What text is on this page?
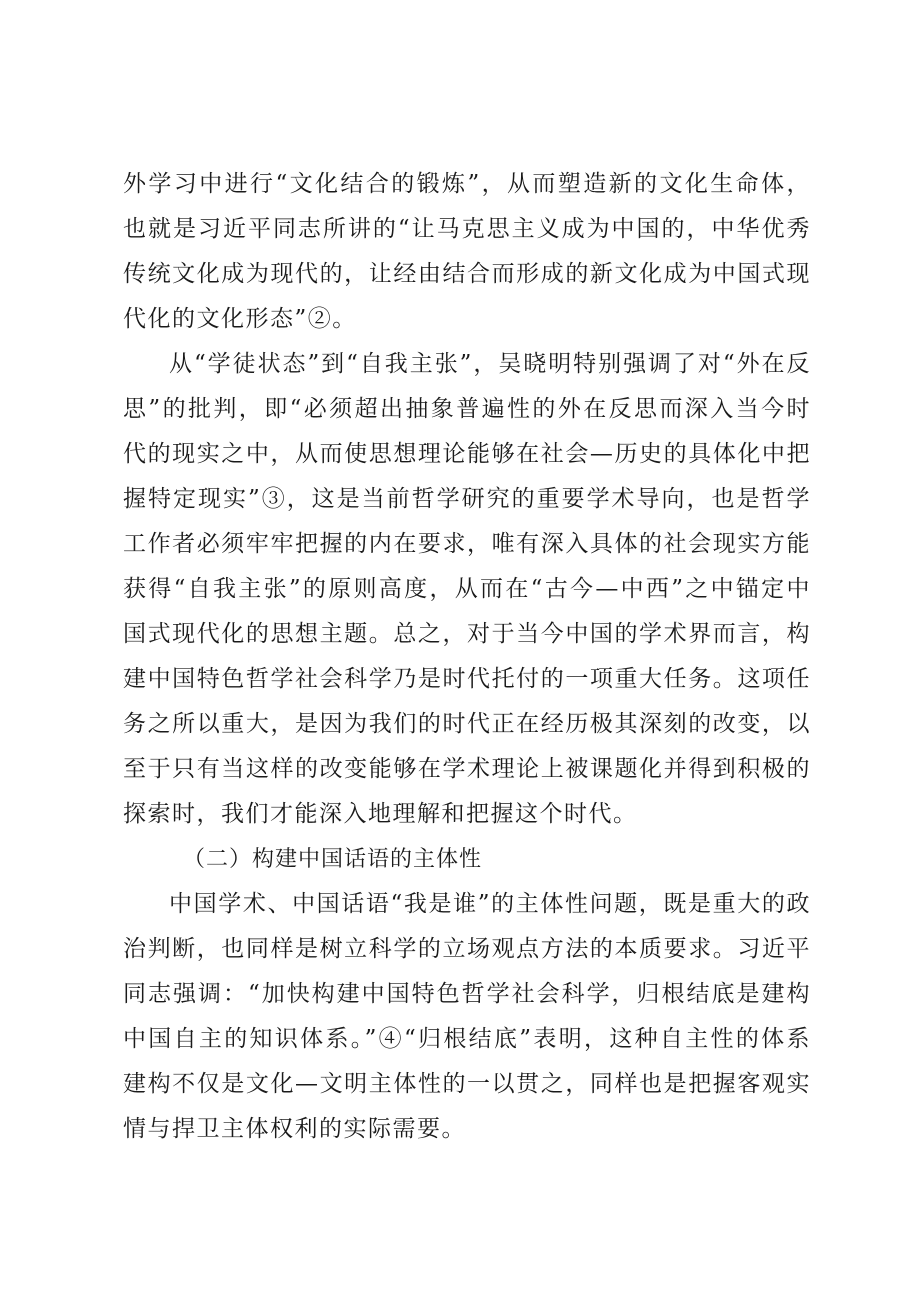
外学习中进行“文化结合的锻炼”，从而塑造新的文化生命体，也就是习近平同志所讲的“让马克思主义成为中国的，中华优秀传统文化成为现代的，让经由结合而形成的新文化成为中国式现代化的文化形态”②。

从“学徒状态”到“自我主张”，吴晓明特别强调了对“外在反思”的批判，即“必须超出抽象普遍性的外在反思而深入当今时代的现实之中，从而使思想理论能够在社会—历史的具体化中把握特定现实”③，这是当前哲学研究的重要学术导向，也是哲学工作者必须牢牢把握的内在要求，唯有深入具体的社会现实方能获得“自我主张”的原则高度，从而在“古今—中西”之中锚定中国式现代化的思想主题。总之，对于当今中国的学术界而言，构建中国特色哲学社会科学乃是时代托付的一项重大任务。这项任务之所以重大，是因为我们的时代正在经历极其深刻的改变，以至于只有当这样的改变能够在学术理论上被课题化并得到积极的探索时，我们才能深入地理解和把握这个时代。

（二）构建中国话语的主体性

中国学术、中国话语“我是谁”的主体性问题，既是重大的政治判断，也同样是树立科学的立场观点方法的本质要求。习近平同志强调：“加快构建中国特色哲学社会科学，归根结底是建构中国自主的知识体系。”④“归根结底”表明，这种自主性的体系建构不仅是文化—文明主体性的一以贯之，同样也是把握客观实情与捍卫主体权利的实际需要。
